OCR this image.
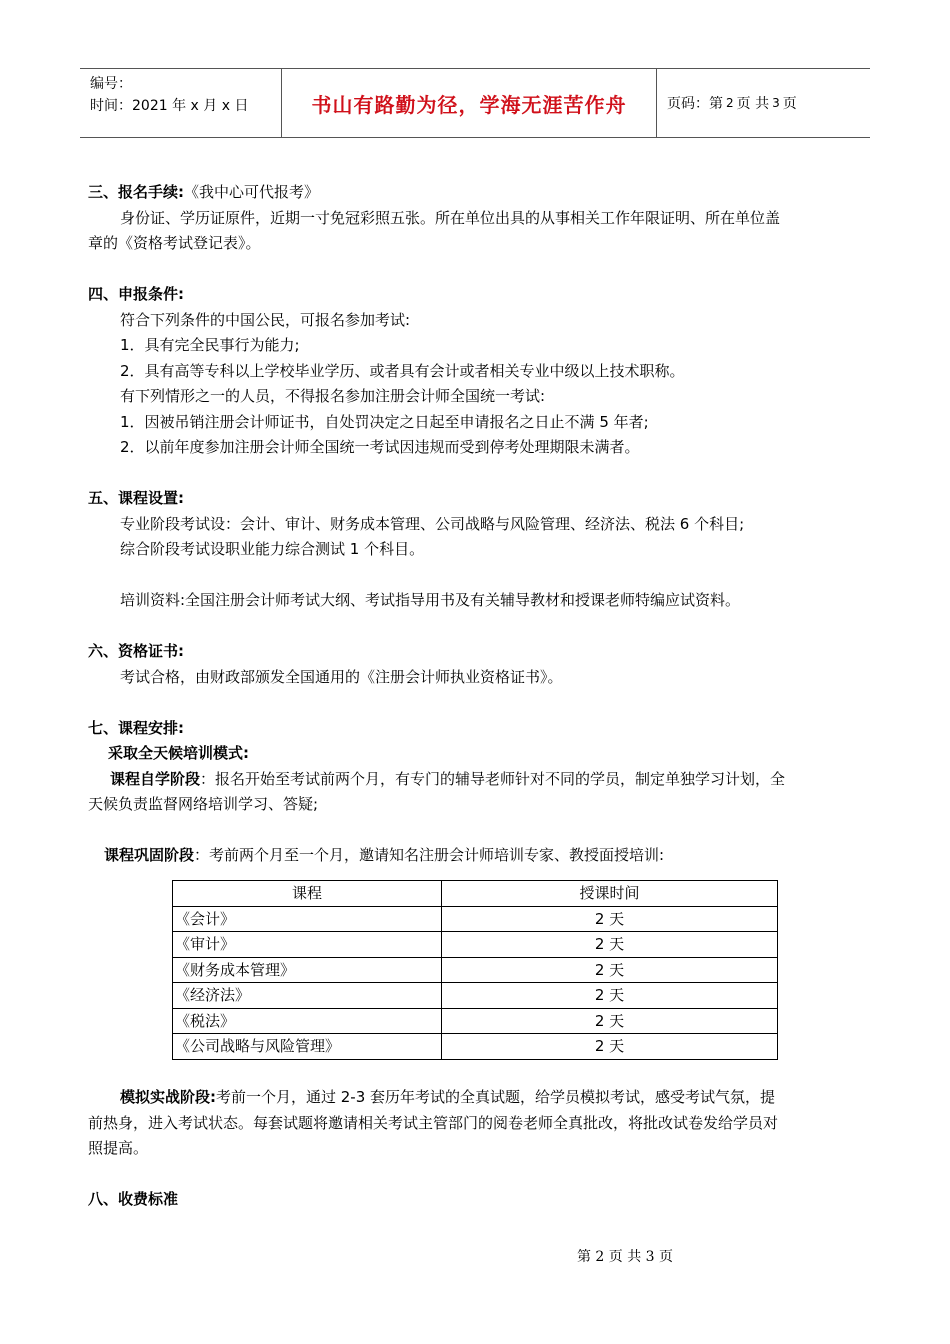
编号：
时间：2021 年 x 月 x 日	书山有路勤为径，学海无涯苦作舟	页码：第 2 页 共 3 页
三、报名手续:《我中心可代报考》
身份证、学历证原件，近期一寸免冠彩照五张。所在单位出具的从事相关工作年限证明、所在单位盖
章的《资格考试登记表》。
四、申报条件:
符合下列条件的中国公民，可报名参加考试:
1．具有完全民事行为能力;
2．具有高等专科以上学校毕业学历、或者具有会计或者相关专业中级以上技术职称。
有下列情形之一的人员，不得报名参加注册会计师全国统一考试:
1．因被吊销注册会计师证书，自处罚决定之日起至申请报名之日止不满 5 年者;
2．以前年度参加注册会计师全国统一考试因违规而受到停考处理期限未满者。
五、课程设置:
专业阶段考试设：会计、审计、财务成本管理、公司战略与风险管理、经济法、税法 6 个科目;
综合阶段考试设职业能力综合测试 1 个科目。
培训资料:全国注册会计师考试大纲、考试指导用书及有关辅导教材和授课老师特编应试资料。
六、资格证书:
考试合格，由财政部颁发全国通用的《注册会计师执业资格证书》。
七、课程安排:
采取全天候培训模式:
课程自学阶段：报名开始至考试前两个月，有专门的辅导老师针对不同的学员，制定单独学习计划，全
天候负责监督网络培训学习、答疑;
课程巩固阶段：考前两个月至一个月，邀请知名注册会计师培训专家、教授面授培训:
课程	授课时间
《会计》	2 天
《审计》	2 天
《财务成本管理》	2 天
《经济法》	2 天
《税法》	2 天
《公司战略与风险管理》	2 天
模拟实战阶段:考前一个月，通过 2-3 套历年考试的全真试题，给学员模拟考试，感受考试气氛，提
前热身，进入考试状态。每套试题将邀请相关考试主管部门的阅卷老师全真批改，将批改试卷发给学员对
照提高。
八、收费标准
第 2 页 共 3 页
